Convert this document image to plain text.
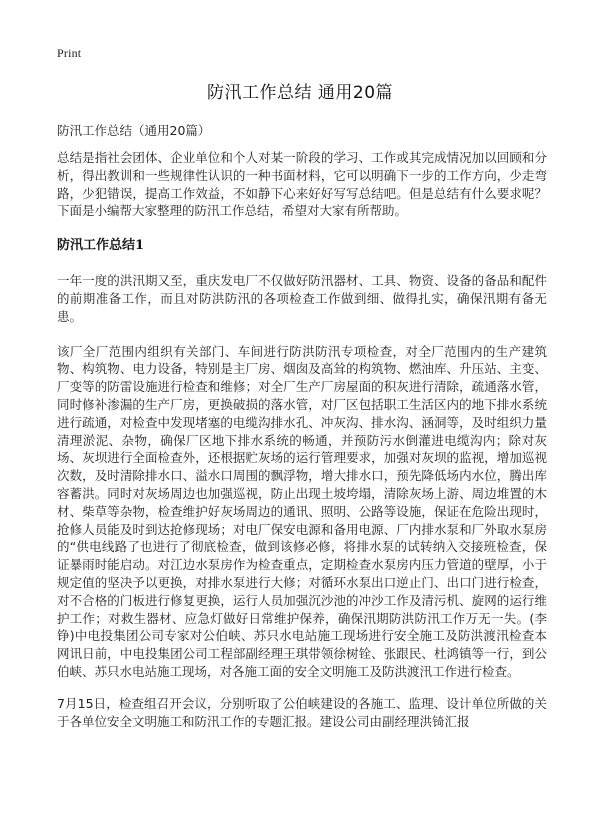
Print
防汛工作总结 通用20篇
防汛工作总结（通用20篇）

总结是指社会团体、企业单位和个人对某一阶段的学习、工作或其完成情况加以回顾和分析，得出教训和一些规律性认识的一种书面材料，它可以明确下一步的工作方向，少走弯路，少犯错误，提高工作效益，不如静下心来好好写写总结吧。但是总结有什么要求呢？下面是小编帮大家整理的防汛工作总结，希望对大家有所帮助。

防汛工作总结1

一年一度的洪汛期又至，重庆发电厂不仅做好防汛器材、工具、物资、设备的备品和配件的前期准备工作，而且对防洪防汛的各项检查工作做到细、做得扎实，确保汛期有备无患。

该厂全厂范围内组织有关部门、车间进行防洪防汛专项检查，对全厂范围内的生产建筑物、构筑物、电力设备，特别是主厂房、烟囱及高耸的构筑物、燃油库、升压站、主变、厂变等的防雷设施进行检查和维修；对全厂生产厂房屋面的积灰进行清除，疏通落水管，同时修补渗漏的生产厂房，更换破损的落水管，对厂区包括职工生活区内的地下排水系统进行疏通，对检查中发现堵塞的电缆沟排水孔、冲灰沟、排水沟、涵洞等，及时组织力量清理淤泥、杂物，确保厂区地下排水系统的畅通，并预防污水倒灌进电缆沟内；除对灰场、灰坝进行全面检查外，还根据贮灰场的运行管理要求，加强对灰坝的监视，增加巡视次数，及时清除排水口、溢水口周围的飘浮物，增大排水口，预先降低场内水位，腾出库容蓄洪。同时对灰场周边也加强巡视，防止出现土坡垮塌，清除灰场上游、周边堆置的木材、柴草等杂物，检查维护好灰场周边的通讯、照明、公路等设施，保证在危险出现时，抢修人员能及时到达抢修现场；对电厂保安电源和备用电源、厂内排水泵和厂外取水泵房的“供电线路了也进行了彻底检查，做到该修必修，将排水泵的试转纳入交接班检查，保证暴雨时能启动。对江边水泵房作为检查重点，定期检查水泵房内压力管道的壁厚，小于规定值的坚决予以更换，对排水泵进行大修；对循环水泵出口逆止门、出口门进行检查，对不合格的门板进行修复更换，运行人员加强沉沙池的冲沙工作及清污机、旋网的运行维护工作；对救生器材、应急灯做好日常维护保养，确保汛期防洪防汛工作万无一失。(李铮)中电投集团公司专家对公伯峡、苏只水电站施工现场进行安全施工及防洪渡汛检查本网讯日前，中电投集团公司工程部副经理王琪带领徐树铨、张跟民、杜鸿镇等一行，到公伯峡、苏只水电站施工现场，对各施工面的安全文明施工及防洪渡汛工作进行检查。

7月15日，检查组召开会议，分别听取了公伯峡建设的各施工、监理、设计单位所做的关于各单位安全文明施工和防汛工作的专题汇报。建设公司由副经理洪锜汇报
